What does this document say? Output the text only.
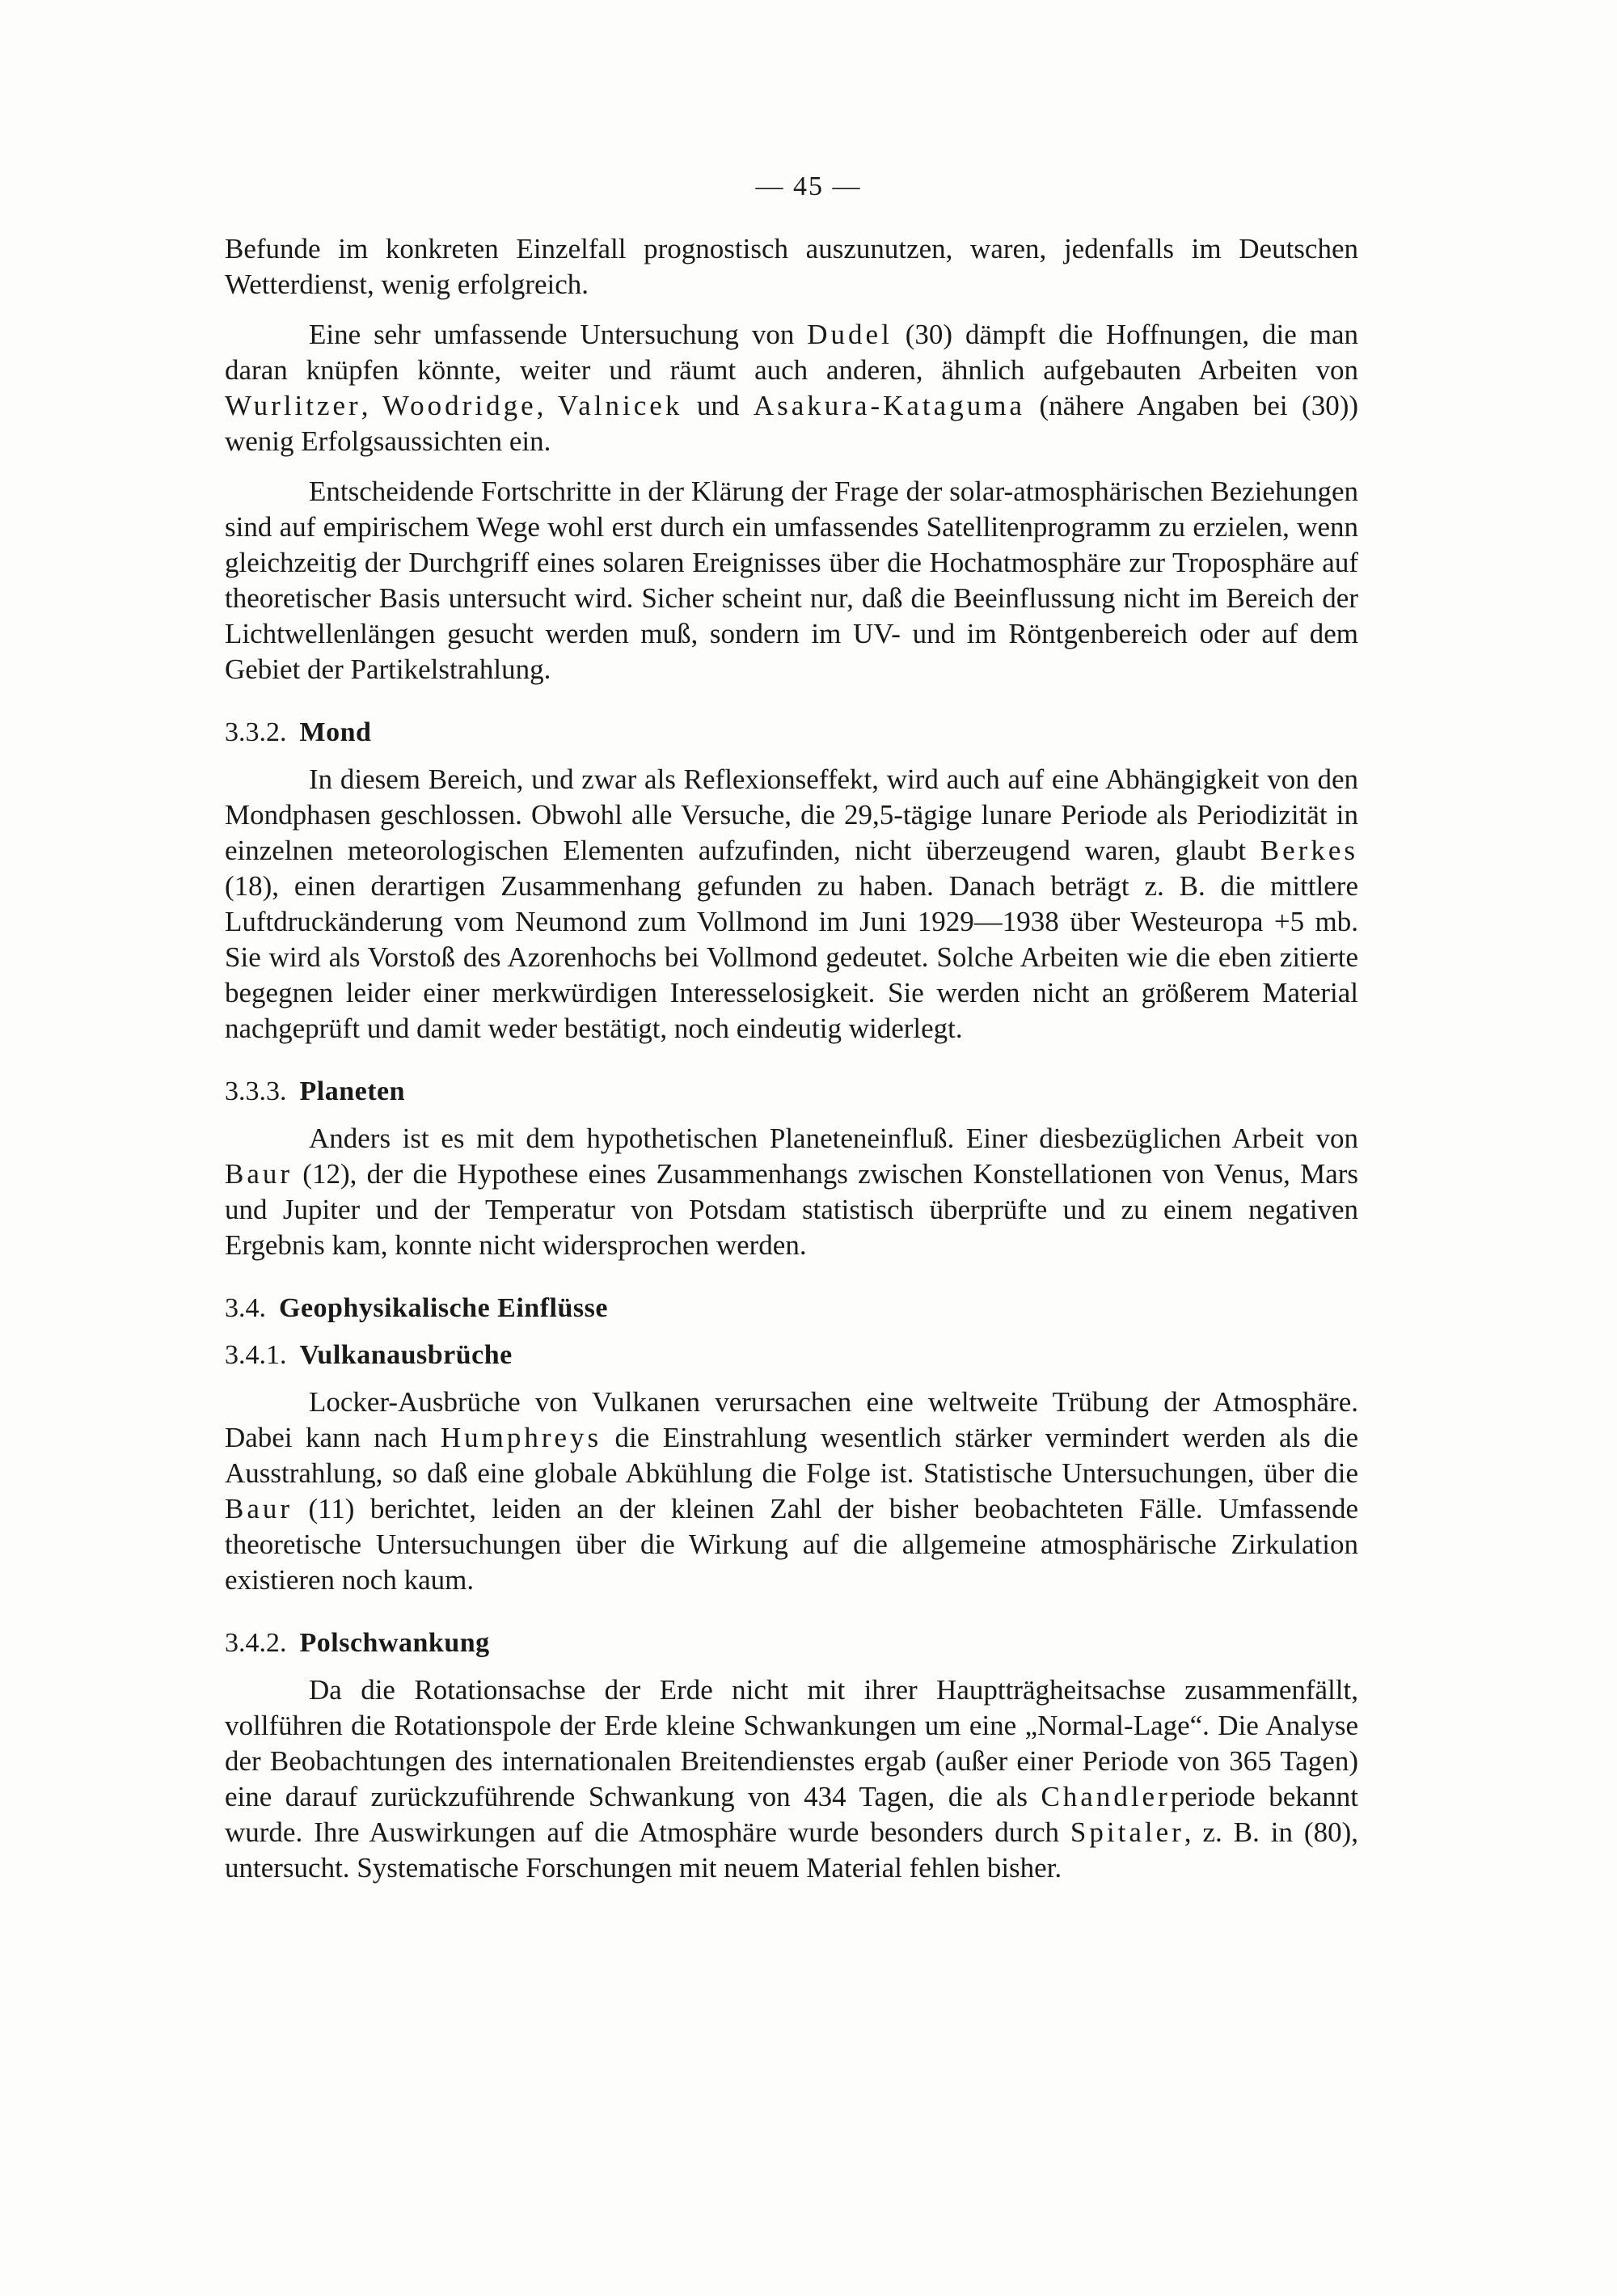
— 45 —

Befunde im konkreten Einzelfall prognostisch auszunutzen, waren, jedenfalls im Deutschen Wetterdienst, wenig erfolgreich.

Eine sehr umfassende Untersuchung von Dudel (30) dämpft die Hoffnungen, die man daran knüpfen könnte, weiter und räumt auch anderen, ähnlich aufgebauten Arbeiten von Wurlitzer, Woodridge, Valnicek und Asakura-Kataguma (nähere Angaben bei (30)) wenig Erfolgsaussichten ein.

Entscheidende Fortschritte in der Klärung der Frage der solar-atmosphärischen Beziehungen sind auf empirischem Wege wohl erst durch ein umfassendes Satellitenprogramm zu erzielen, wenn gleichzeitig der Durchgriff eines solaren Ereignisses über die Hochatmosphäre zur Troposphäre auf theoretischer Basis untersucht wird. Sicher scheint nur, daß die Beeinflussung nicht im Bereich der Lichtwellenlängen gesucht werden muß, sondern im UV- und im Röntgenbereich oder auf dem Gebiet der Partikelstrahlung.

3.3.2. Mond

In diesem Bereich, und zwar als Reflexionseffekt, wird auch auf eine Abhängigkeit von den Mondphasen geschlossen. Obwohl alle Versuche, die 29,5-tägige lunare Periode als Periodizität in einzelnen meteorologischen Elementen aufzufinden, nicht überzeugend waren, glaubt Berkes (18), einen derartigen Zusammenhang gefunden zu haben. Danach beträgt z. B. die mittlere Luftdruckänderung vom Neumond zum Vollmond im Juni 1929—1938 über Westeuropa +5 mb. Sie wird als Vorstoß des Azorenhochs bei Vollmond gedeutet. Solche Arbeiten wie die eben zitierte begegnen leider einer merkwürdigen Interesselosigkeit. Sie werden nicht an größerem Material nachgeprüft und damit weder bestätigt, noch eindeutig widerlegt.

3.3.3. Planeten

Anders ist es mit dem hypothetischen Planeteneinfluß. Einer diesbezüglichen Arbeit von Baur (12), der die Hypothese eines Zusammenhangs zwischen Konstellationen von Venus, Mars und Jupiter und der Temperatur von Potsdam statistisch überprüfte und zu einem negativen Ergebnis kam, konnte nicht widersprochen werden.

3.4. Geophysikalische Einflüsse
3.4.1. Vulkanausbrüche

Locker-Ausbrüche von Vulkanen verursachen eine weltweite Trübung der Atmosphäre. Dabei kann nach Humphreys die Einstrahlung wesentlich stärker vermindert werden als die Ausstrahlung, so daß eine globale Abkühlung die Folge ist. Statistische Untersuchungen, über die Baur (11) berichtet, leiden an der kleinen Zahl der bisher beobachteten Fälle. Umfassende theoretische Untersuchungen über die Wirkung auf die allgemeine atmosphärische Zirkulation existieren noch kaum.

3.4.2. Polschwankung

Da die Rotationsachse der Erde nicht mit ihrer Hauptträgheitsachse zusammenfällt, vollführen die Rotationspole der Erde kleine Schwankungen um eine „Normal-Lage“. Die Analyse der Beobachtungen des internationalen Breitendienstes ergab (außer einer Periode von 365 Tagen) eine darauf zurückzuführende Schwankung von 434 Tagen, die als Chandlerperiode bekannt wurde. Ihre Auswirkungen auf die Atmosphäre wurde besonders durch Spitaler, z. B. in (80), untersucht. Systematische Forschungen mit neuem Material fehlen bisher.
